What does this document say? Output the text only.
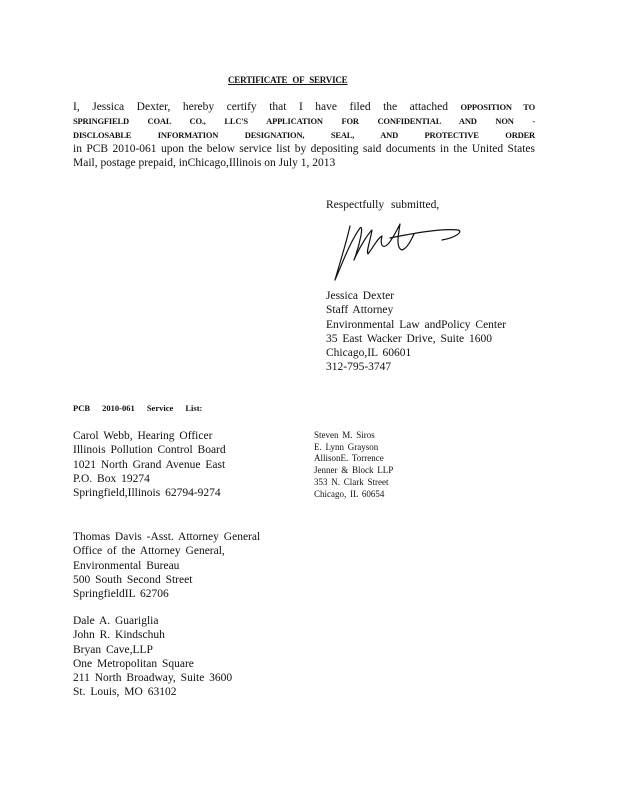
CERTIFICATE OF SERVICE
I, Jessica Dexter, hereby certify that I have filed the attached OPPOSITION TO
SPRINGFIELD COAL CO., LLC'S APPLICATION FOR CONFIDENTIAL AND NON -
DISCLOSABLE INFORMATION DESIGNATION, SEAL, AND PROTECTIVE ORDER
in PCB 2010-061 upon the below service list by depositing said documents in the United States
Mail, postage prepaid, inChicago,Illinois on July 1, 2013
Respectfully submitted,
Jessica Dexter
Staff Attorney
Environmental Law andPolicy Center
35 East Wacker Drive, Suite 1600
Chicago,IL 60601
312-795-3747
PCB 2010-061 Service List:
Carol Webb, Hearing Officer
Illinois Pollution Control Board
1021 North Grand Avenue East
P.O. Box 19274
Springfield,Illinois 62794-9274
Steven M. Siros
E. Lynn Grayson
AllisonE. Torrence
Jenner & Block LLP
353 N. Clark Street
Chicago, IL 60654
Thomas Davis -Asst. Attorney General
Office of the Attorney General,
Environmental Bureau
500 South Second Street
SpringfieldIL 62706
Dale A. Guariglia
John R. Kindschuh
Bryan Cave,LLP
One Metropolitan Square
211 North Broadway, Suite 3600
St. Louis, MO 63102
